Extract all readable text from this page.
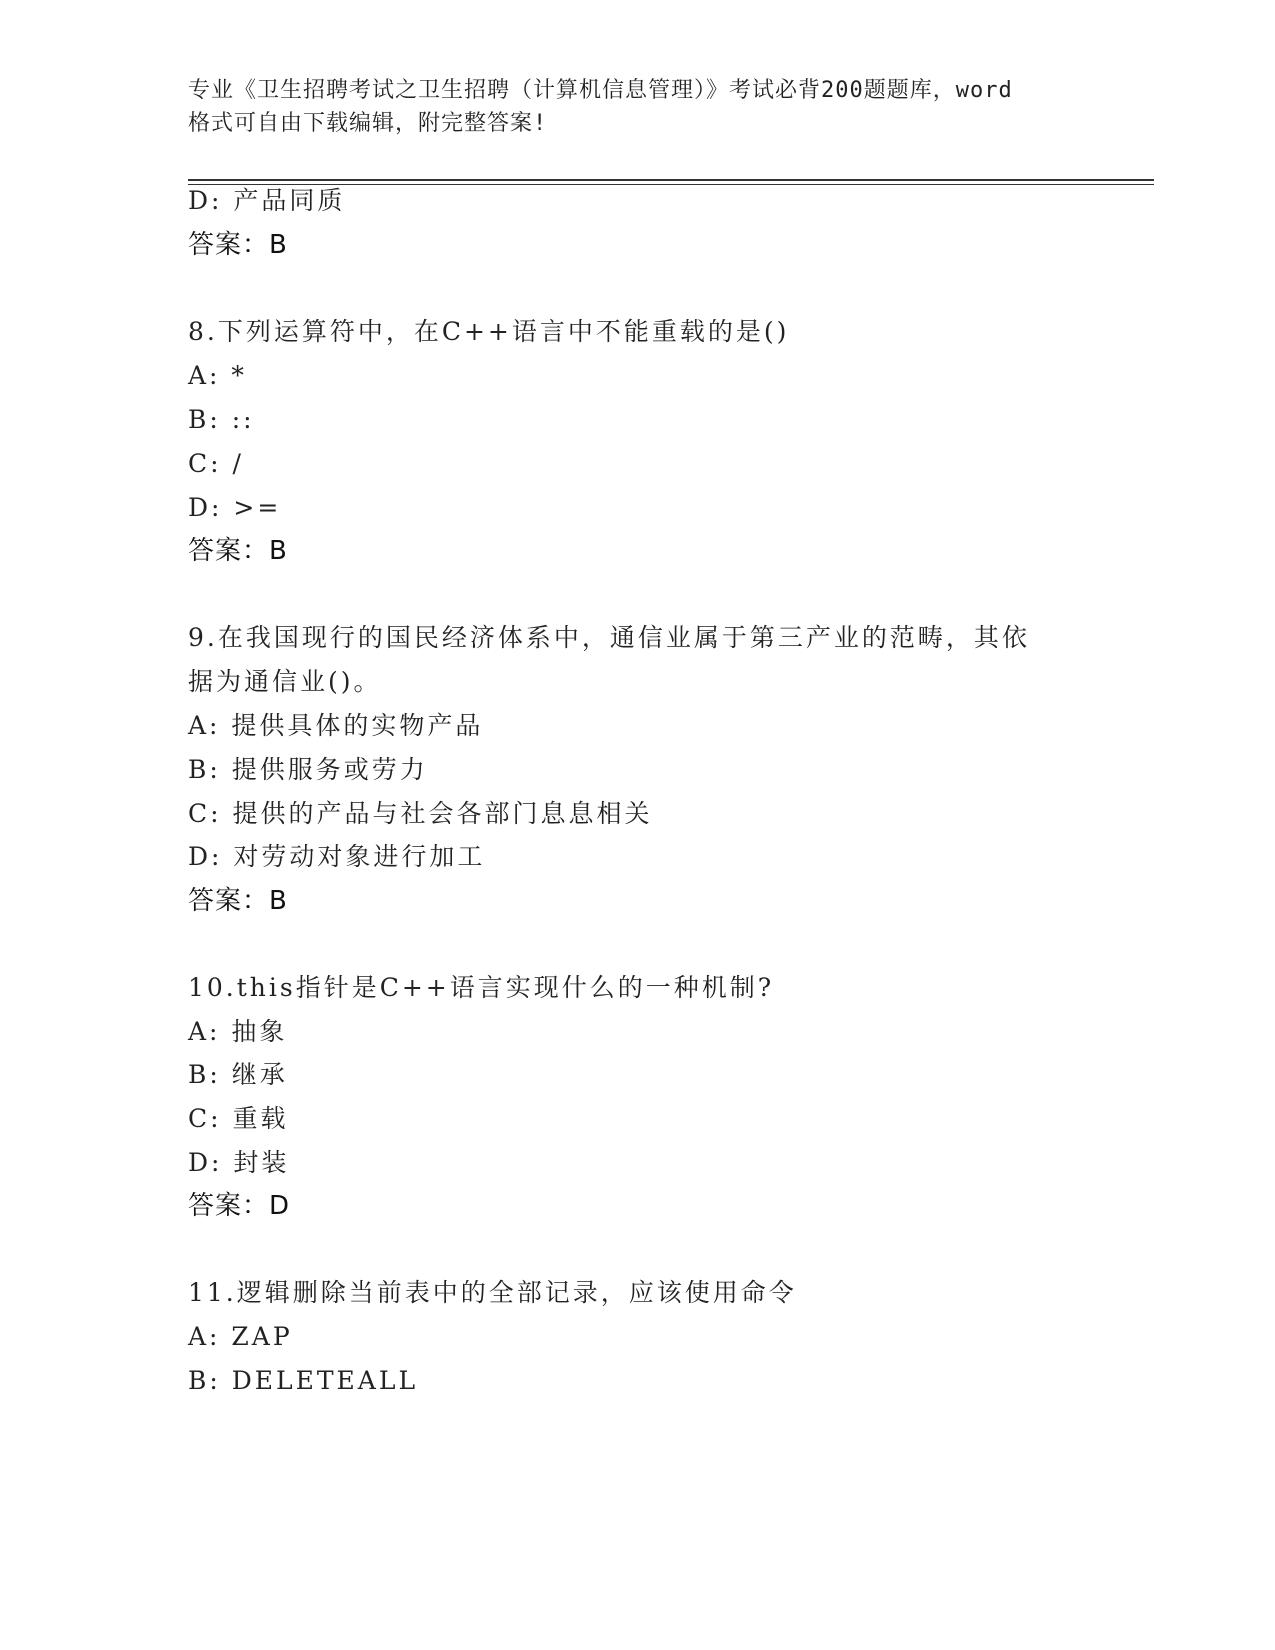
专业《卫生招聘考试之卫生招聘（计算机信息管理）》考试必背200题题库，word
格式可自由下载编辑，附完整答案!
D: 产品同质
答案：B
8.下列运算符中，在C++语言中不能重载的是()
A: *
B: ::
C: /
D: >=
答案：B
9.在我国现行的国民经济体系中，通信业属于第三产业的范畴，其依
据为通信业()。
A: 提供具体的实物产品
B: 提供服务或劳力
C: 提供的产品与社会各部门息息相关
D: 对劳动对象进行加工
答案：B
10.this指针是C++语言实现什么的一种机制?
A: 抽象
B: 继承
C: 重载
D: 封装
答案：D
11.逻辑删除当前表中的全部记录，应该使用命令
A: ZAP
B: DELETEALL
